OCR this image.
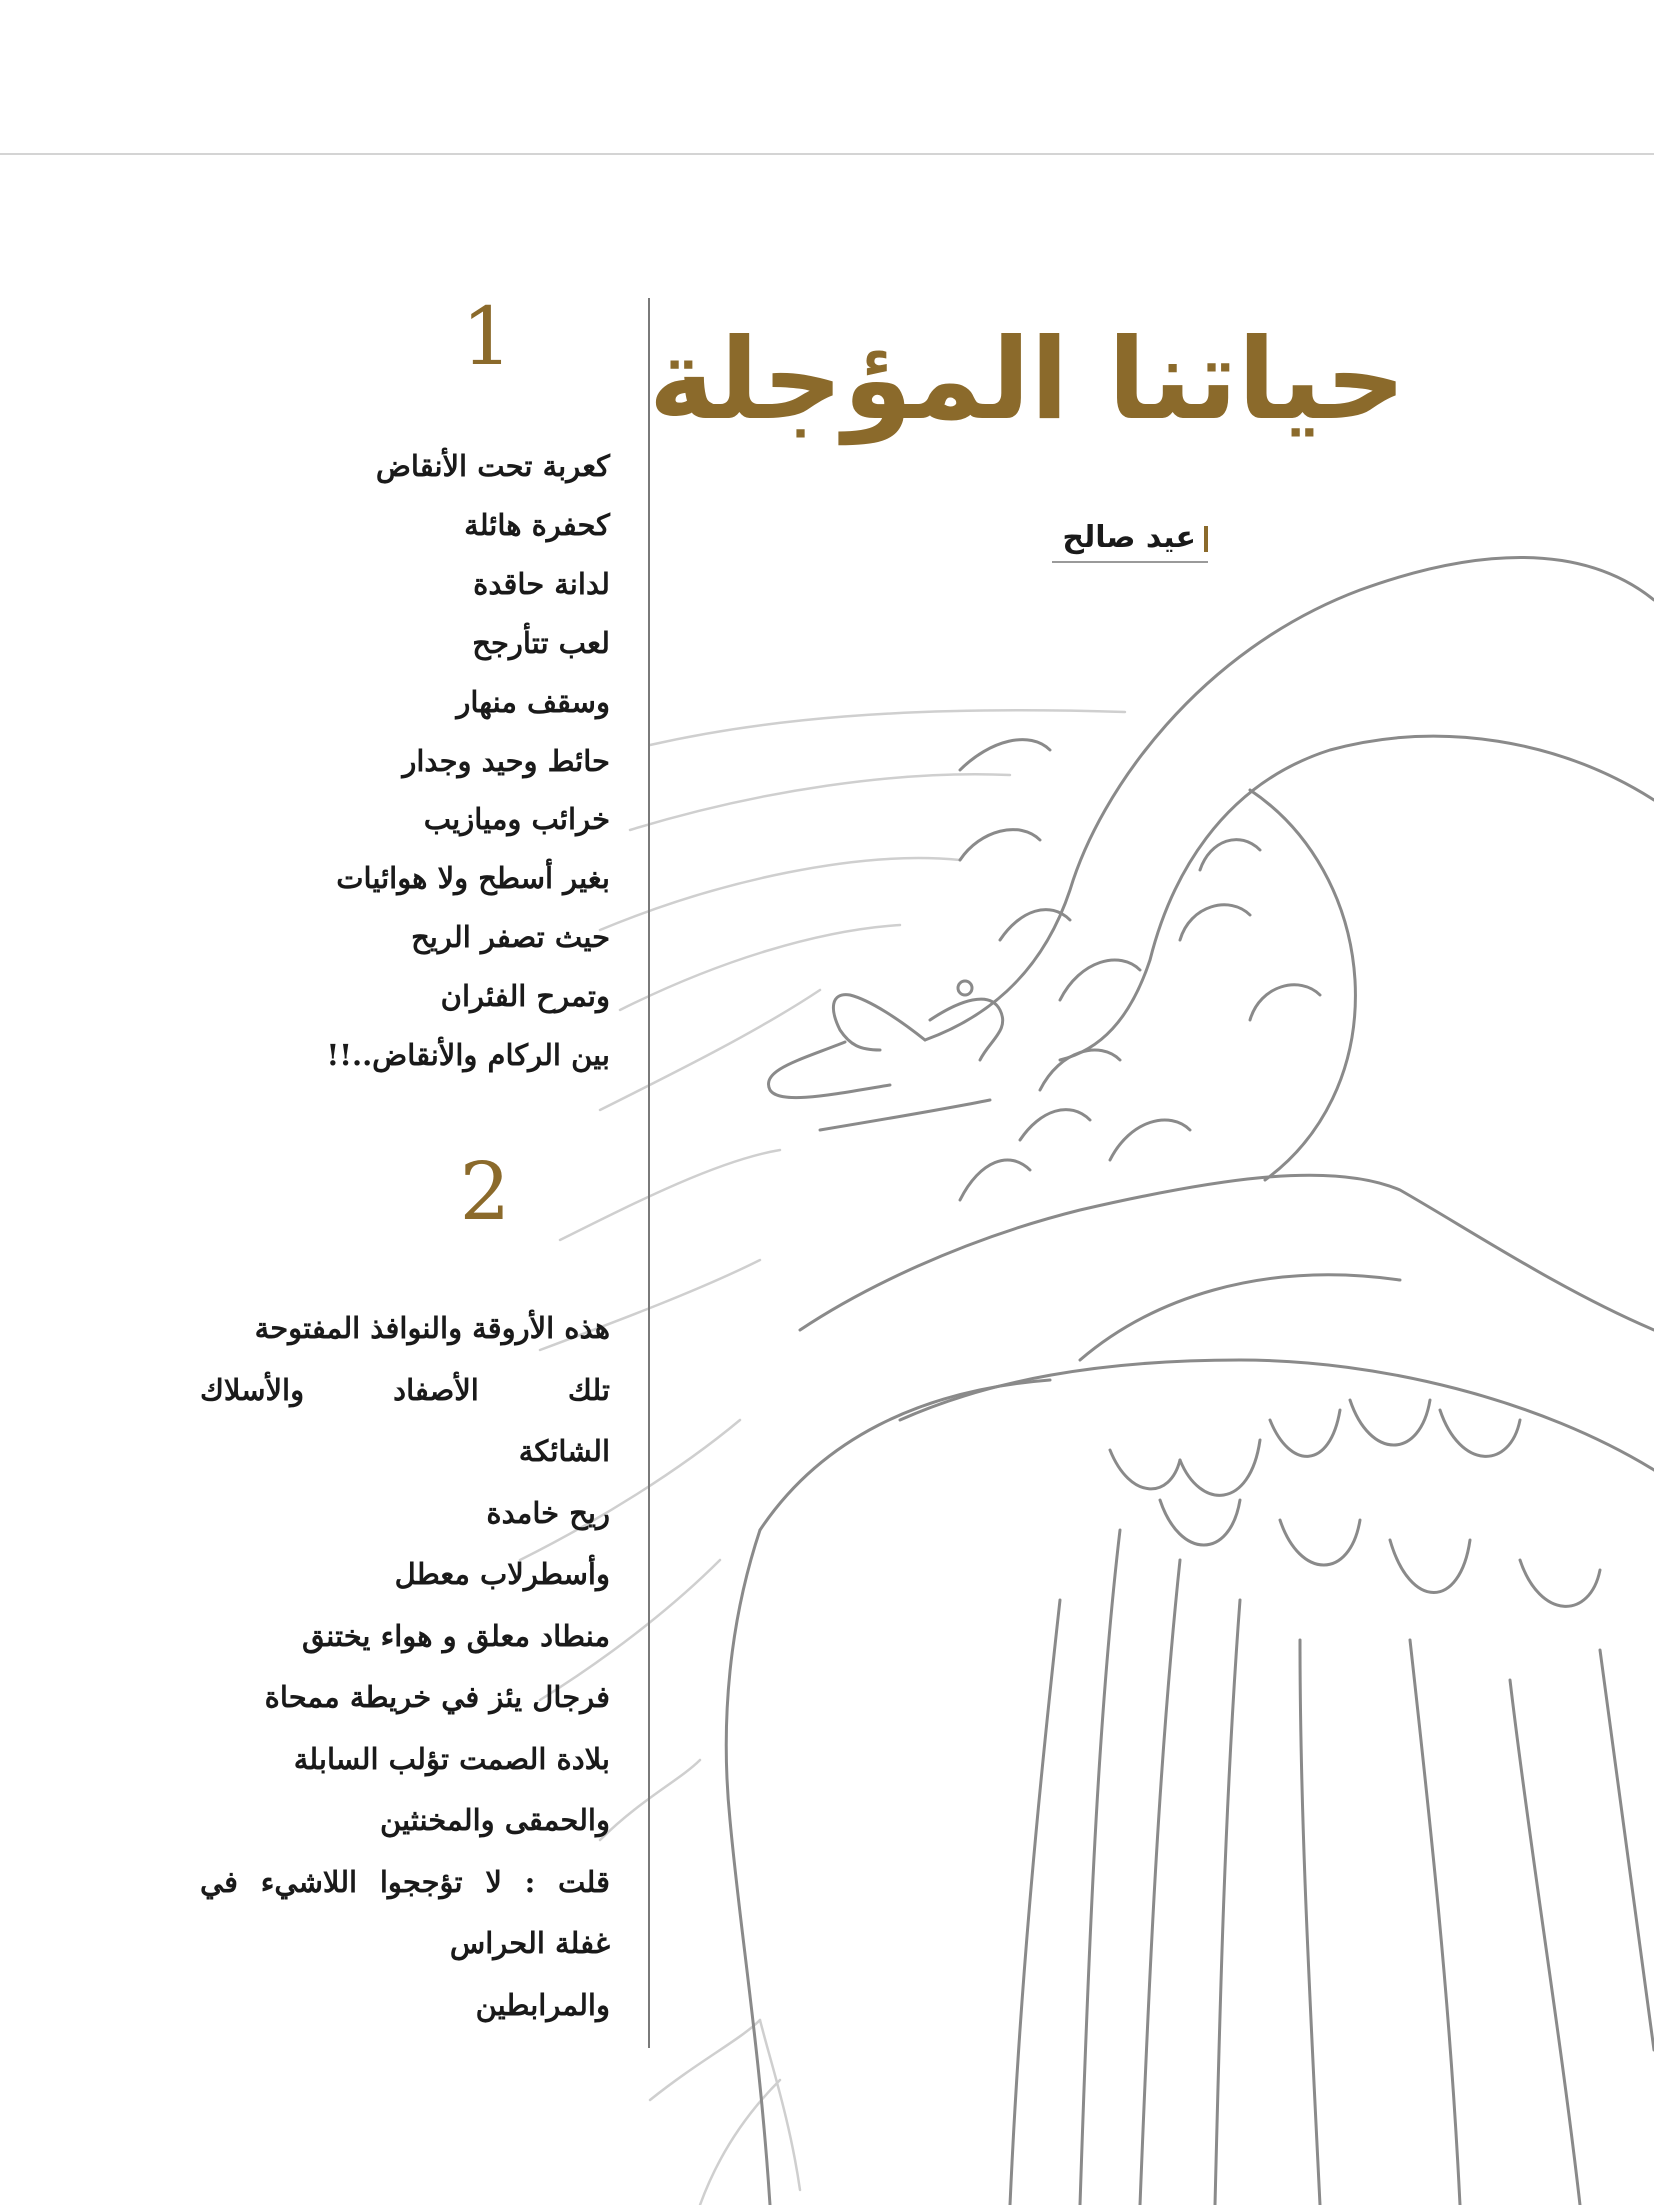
حياتنا المؤجلة
عيد صالح
1
كعربة تحت الأنقاض
كحفرة هائلة
لدانة حاقدة
لعب تتأرجح
وسقف منهار
حائط وحيد وجدار
خرائب وميازيب
بغير أسطح ولا هوائيات
حيث تصفر الريح
وتمرح الفئران
بين الركام والأنقاض..!!
2
هذه الأروقة والنوافذ المفتوحة
تلك الأصفاد والأسلاك
الشائكة
ريح خامدة
وأسطرلاب معطل
منطاد معلق و هواء يختنق
فرجال يئز في خريطة ممحاة
بلادة الصمت تؤلب السابلة
والحمقى والمخنثين
قلت : لا تؤججوا اللاشيء في
غفلة الحراس
والمرابطين
